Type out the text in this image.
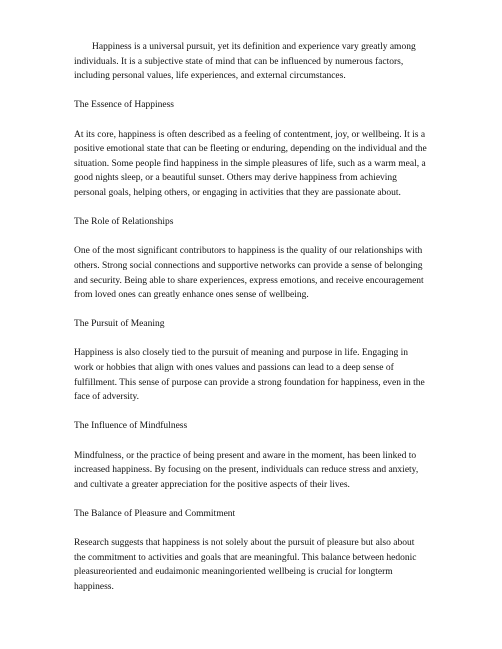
Happiness is a universal pursuit, yet its definition and experience vary greatly among individuals. It is a subjective state of mind that can be influenced by numerous factors, including personal values, life experiences, and external circumstances.

The Essence of Happiness

At its core, happiness is often described as a feeling of contentment, joy, or wellbeing. It is a positive emotional state that can be fleeting or enduring, depending on the individual and the situation. Some people find happiness in the simple pleasures of life, such as a warm meal, a good nights sleep, or a beautiful sunset. Others may derive happiness from achieving personal goals, helping others, or engaging in activities that they are passionate about.

The Role of Relationships

One of the most significant contributors to happiness is the quality of our relationships with others. Strong social connections and supportive networks can provide a sense of belonging and security. Being able to share experiences, express emotions, and receive encouragement from loved ones can greatly enhance ones sense of wellbeing.

The Pursuit of Meaning

Happiness is also closely tied to the pursuit of meaning and purpose in life. Engaging in work or hobbies that align with ones values and passions can lead to a deep sense of fulfillment. This sense of purpose can provide a strong foundation for happiness, even in the face of adversity.

The Influence of Mindfulness

Mindfulness, or the practice of being present and aware in the moment, has been linked to increased happiness. By focusing on the present, individuals can reduce stress and anxiety, and cultivate a greater appreciation for the positive aspects of their lives.

The Balance of Pleasure and Commitment

Research suggests that happiness is not solely about the pursuit of pleasure but also about the commitment to activities and goals that are meaningful. This balance between hedonic pleasureoriented and eudaimonic meaningoriented wellbeing is crucial for longterm happiness.
